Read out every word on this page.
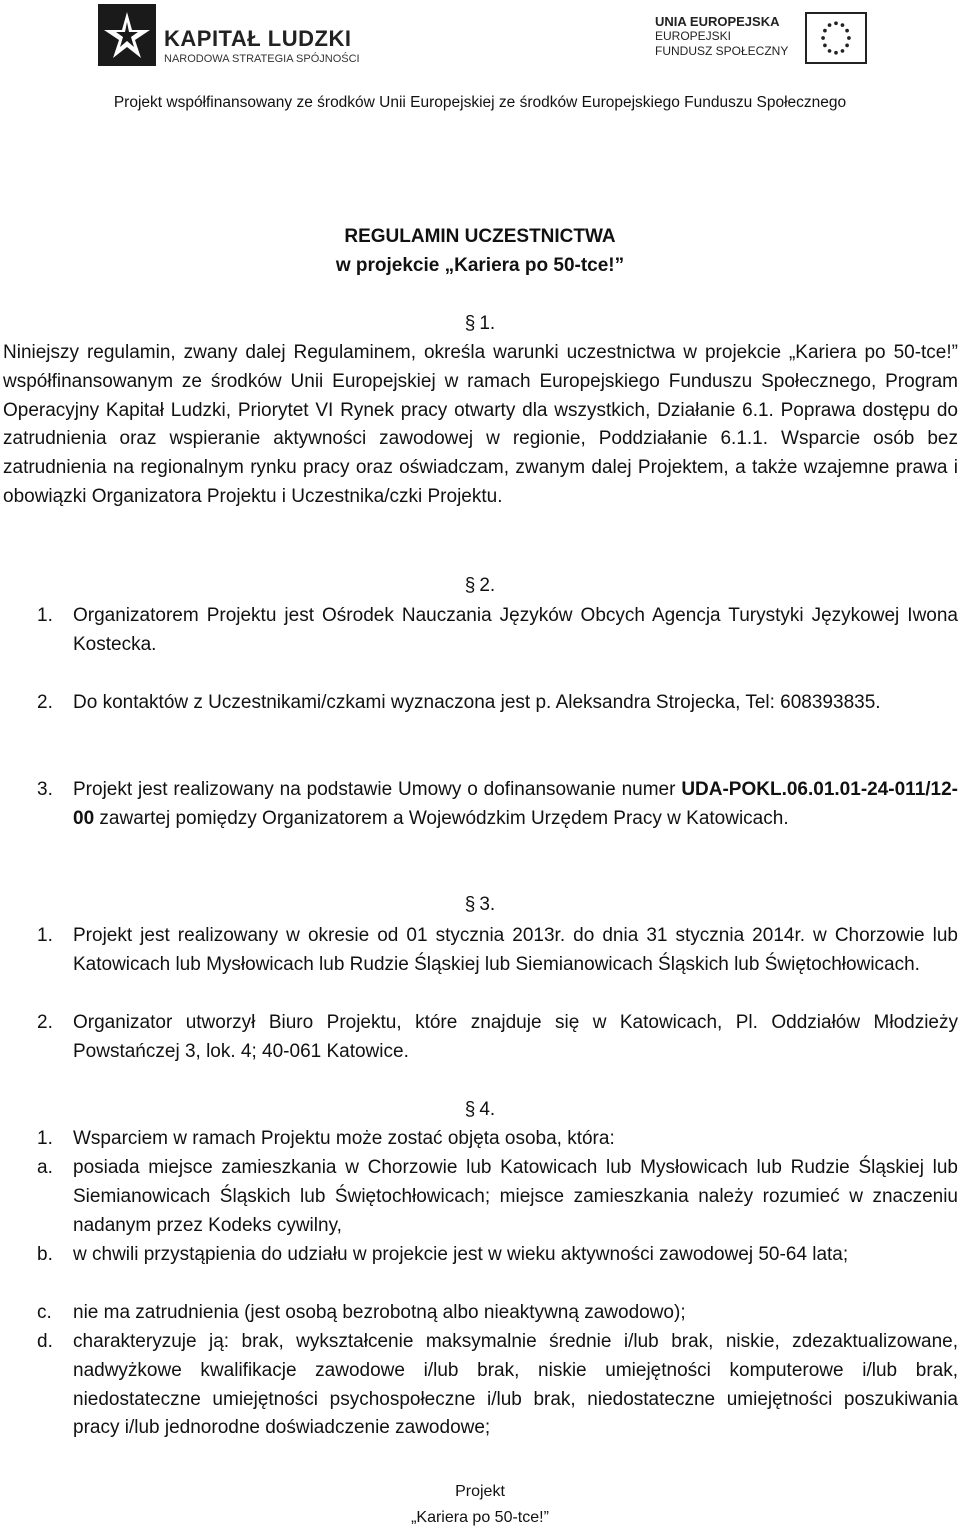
KAPITAŁ LUDZKI
NARODOWA STRATEGIA SPÓJNOŚCI
UNIA EUROPEJSKA
EUROPEJSKI
FUNDUSZ SPOŁECZNY
Projekt współfinansowany ze środków Unii Europejskiej ze środków Europejskiego Funduszu Społecznego
REGULAMIN UCZESTNICTWA
w projekcie „Kariera po 50-tce!”
§ 1.
Niniejszy regulamin, zwany dalej Regulaminem, określa warunki uczestnictwa w projekcie „Kariera po 50-tce!” współfinansowanym ze środków Unii Europejskiej w ramach Europejskiego Funduszu Społecznego, Program Operacyjny Kapitał Ludzki, Priorytet VI Rynek pracy otwarty dla wszystkich, Działanie 6.1. Poprawa dostępu do zatrudnienia oraz wspieranie aktywności zawodowej w regionie, Poddziałanie 6.1.1. Wsparcie osób bez zatrudnienia na regionalnym rynku pracy oraz oświadczam, zwanym dalej Projektem, a także wzajemne prawa i obowiązki Organizatora Projektu i Uczestnika/czki Projektu.
§ 2.
1.	Organizatorem Projektu jest Ośrodek Nauczania Języków Obcych Agencja Turystyki Językowej Iwona Kostecka.
2.	Do kontaktów z Uczestnikami/czkami wyznaczona jest p. Aleksandra Strojecka, Tel: 608393835.
3.	Projekt jest realizowany na podstawie Umowy o dofinansowanie numer UDA-POKL.06.01.01-24-011/12-00 zawartej pomiędzy Organizatorem a Wojewódzkim Urzędem Pracy w Katowicach.
§ 3.
1.	Projekt jest realizowany w okresie od 01 stycznia 2013r. do dnia 31 stycznia 2014r. w Chorzowie lub Katowicach lub Mysłowicach lub Rudzie Śląskiej lub Siemianowicach Śląskich lub Świętochłowicach.
2.	Organizator utworzył Biuro Projektu, które znajduje się w Katowicach, Pl. Oddziałów Młodzieży Powstańczej 3, lok. 4; 40-061 Katowice.
§ 4.
1.	Wsparciem w ramach Projektu może zostać objęta osoba, która:
a.	posiada miejsce zamieszkania w Chorzowie lub Katowicach lub Mysłowicach lub Rudzie Śląskiej lub Siemianowicach Śląskich lub Świętochłowicach; miejsce zamieszkania należy rozumieć w znaczeniu nadanym przez Kodeks cywilny,
b.	w chwili przystąpienia do udziału w projekcie jest w wieku aktywności zawodowej 50-64 lata;
c.	nie ma zatrudnienia (jest osobą bezrobotną albo nieaktywną zawodowo);
d.	charakteryzuje ją: brak, wykształcenie maksymalnie średnie i/lub brak, niskie, zdezaktualizowane, nadwyżkowe kwalifikacje zawodowe i/lub brak, niskie umiejętności komputerowe i/lub brak, niedostateczne umiejętności psychospołeczne i/lub brak, niedostateczne umiejętności poszukiwania pracy i/lub jednorodne doświadczenie zawodowe;
Projekt
„Kariera po 50-tce!”
